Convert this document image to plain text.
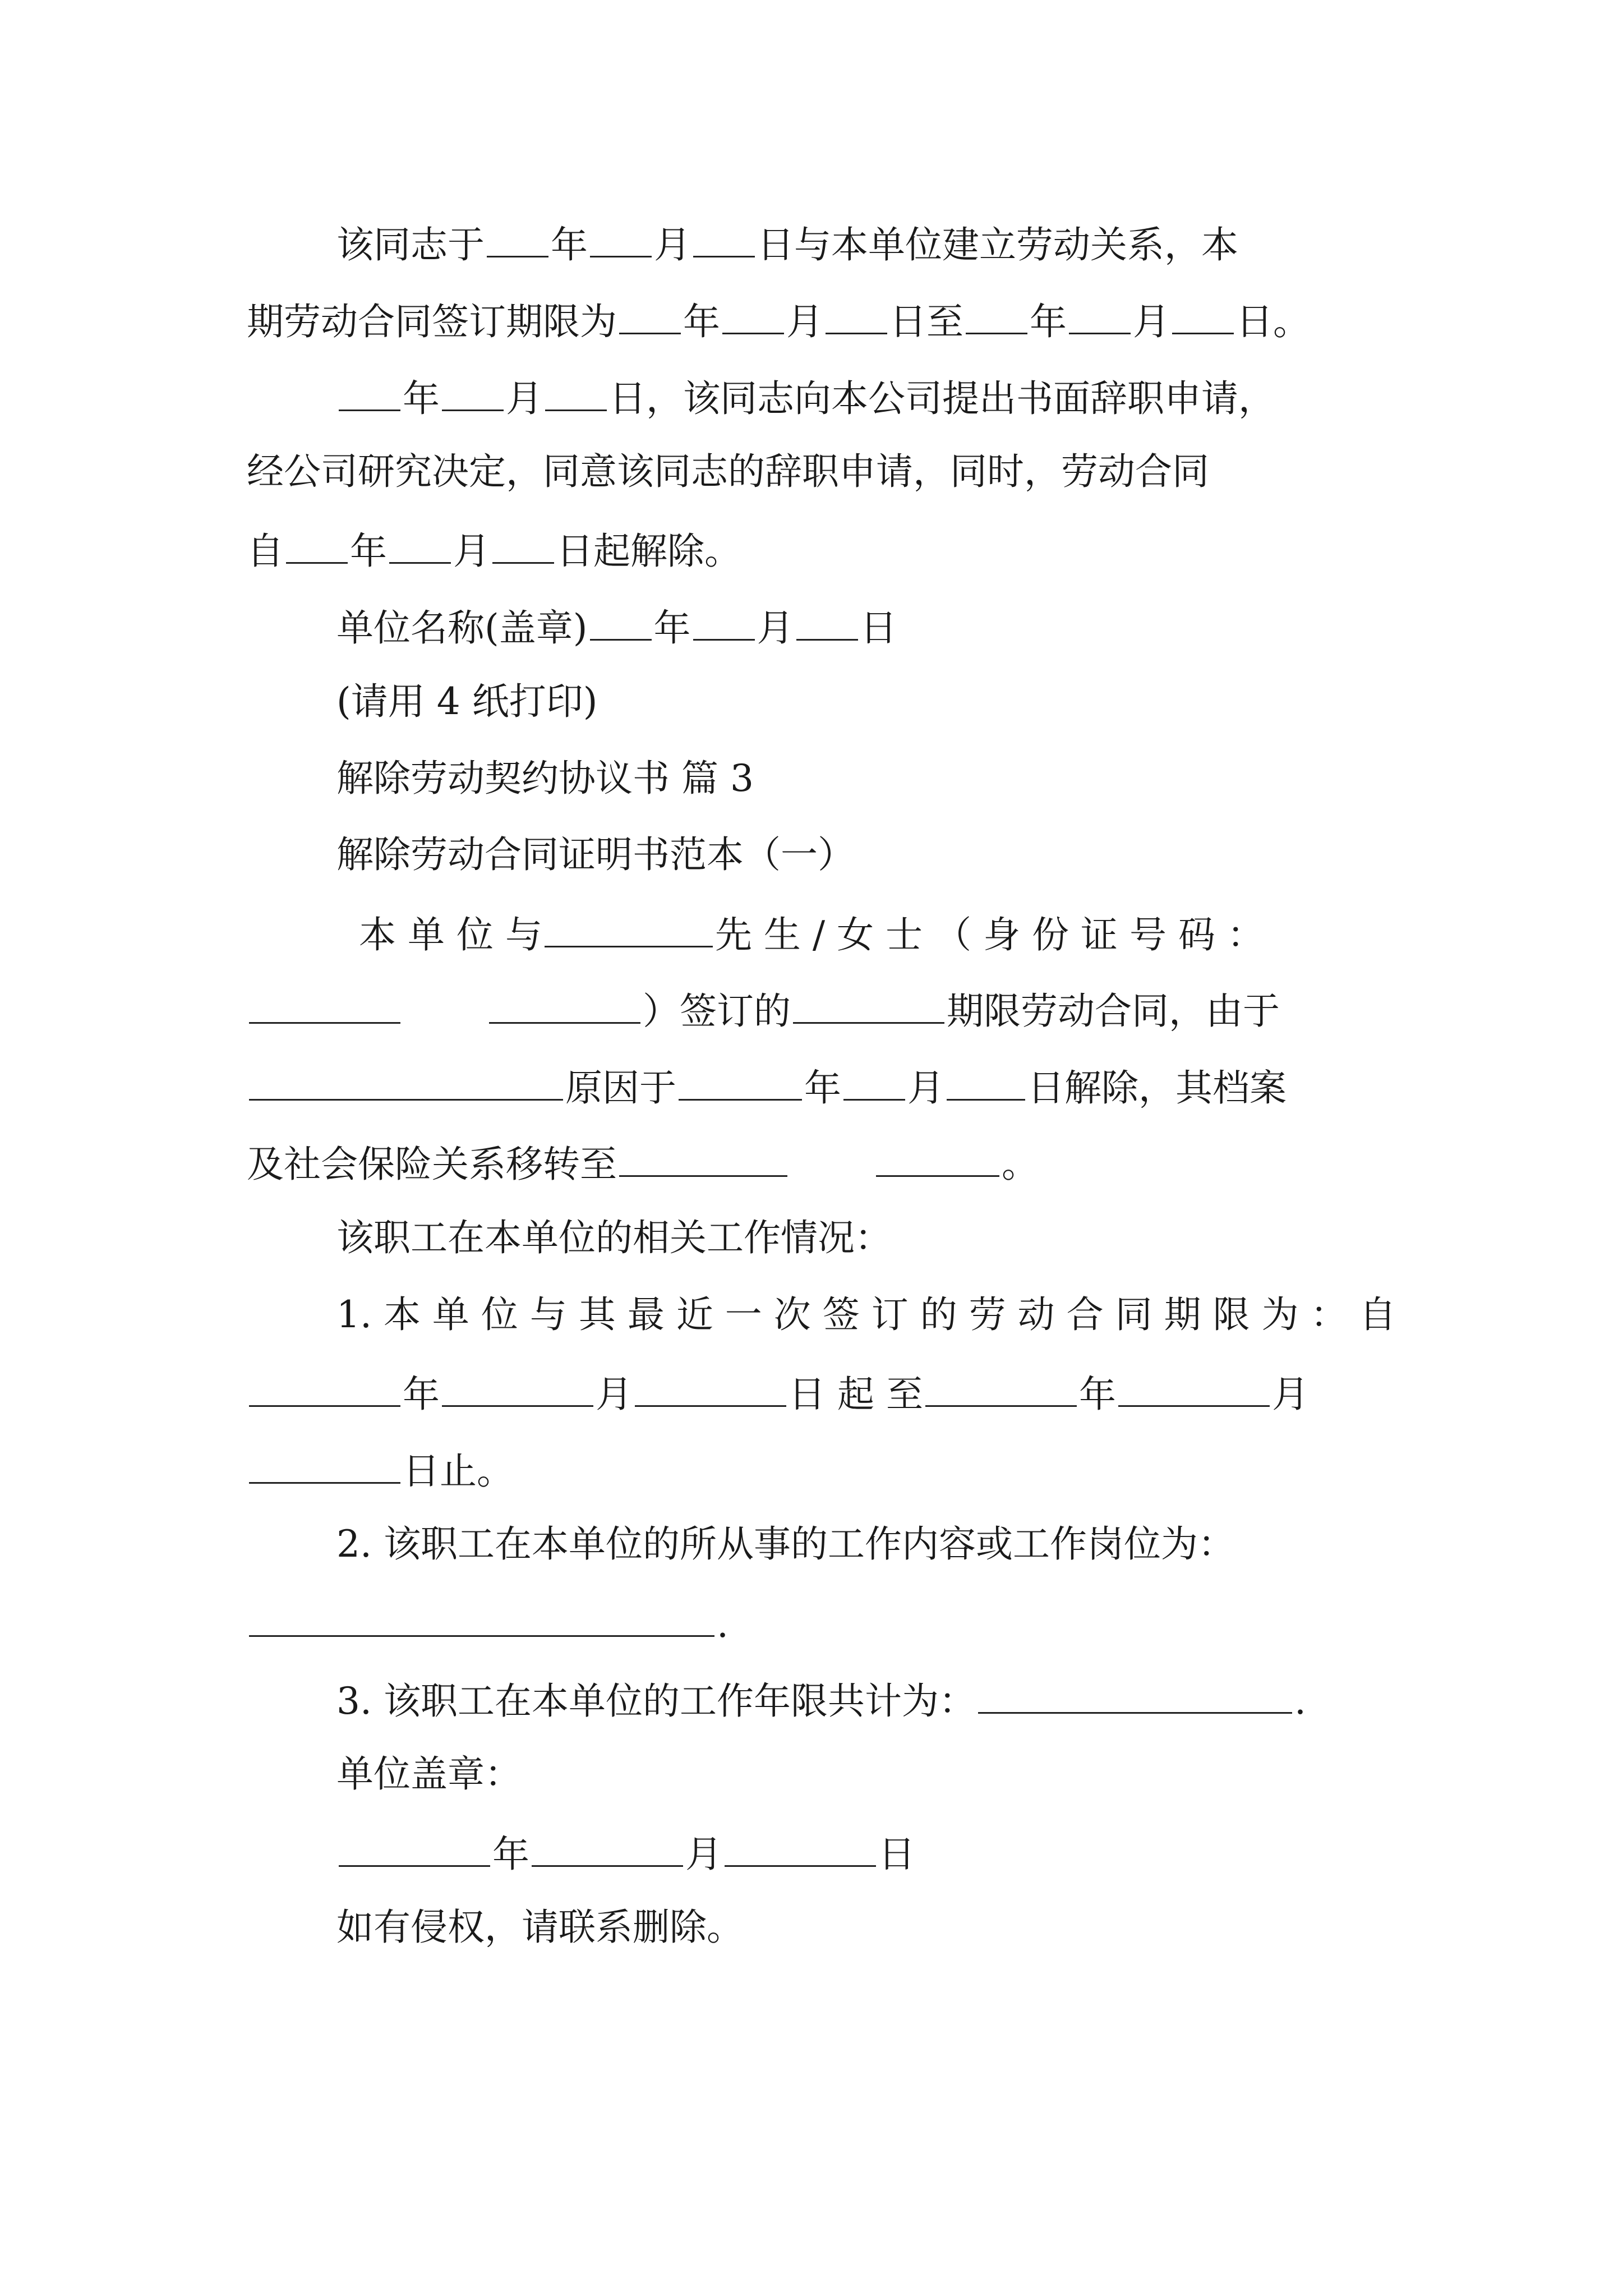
该同志于 年 月 日与本单位建立劳动关系，本
期劳动合同签订期限为 年 月 日至 年 月 日。
年 月 日，该同志向本公司提出书面辞职申请，
经公司研究决定，同意该同志的辞职申请，同时，劳动合同
自 年 月 日起解除。
单位名称(盖章) 年 月 日
(请用 4 纸打印)
解除劳动契约协议书 篇 3
解除劳动合同证明书范本（一）
本 单 位 与	先 生 / 女 士 （ 身 份 证 号 码 ：
）签订的	期限劳动合同，由于
原因于	年 月 日解除，其档案
及社会保险关系移转至	。
该职工在本单位的相关工作情况：
1. 本 单 位 与 其 最 近 一 次 签 订 的 劳 动 合 同 期 限 为 ： 自
年	月	日 起 至	年	月
日止。
2. 该职工在本单位的所从事的工作内容或工作岗位为：
.
3. 该职工在本单位的工作年限共计为：	.
单位盖章：
年	月	日
如有侵权，请联系删除。
